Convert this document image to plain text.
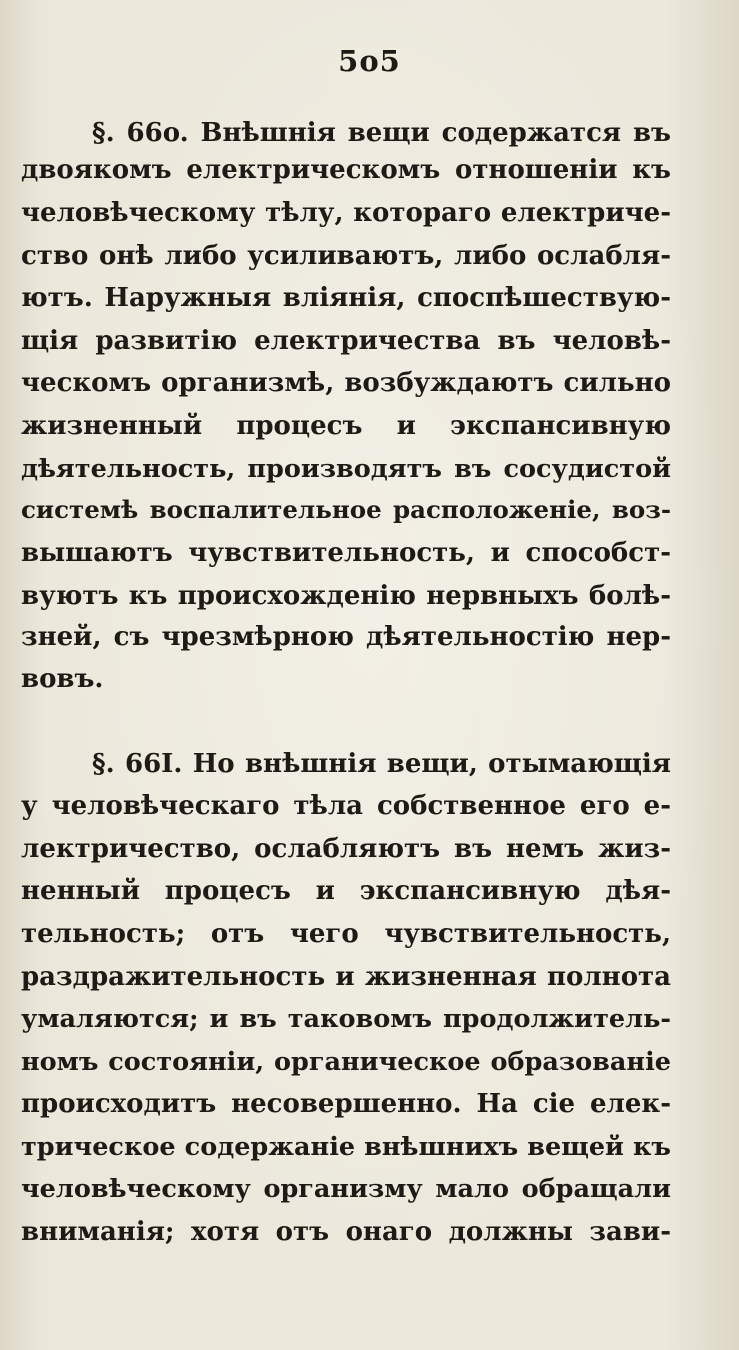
5o5
§. 66o. Внѣшнія вещи содержатся въ
двоякомъ електрическомъ отношеніи къ
человѣческому тѣлу, котораго електриче-
ство онѣ либо усиливаютъ, либо ослабля-
ютъ. Наружныя влiянія, споспѣшествую-
щія развитію електричества въ человѣ-
ческомъ организмѣ, возбуждаютъ сильно
жизненный процесъ и экспансивную
дѣятельность, производятъ въ сосудистой
системѣ воспалительное расположеніе, воз-
вышаютъ чувствительность, и способст-
вуютъ къ происхожденію нервныхъ болѣ-
зней, съ чрезмѣрною дѣятельностію нер-
вовъ.
§. 66I. Но внѣшнія вещи, отымающія
у человѣческаго тѣла собственное его е-
лектричество, ослабляютъ въ немъ жиз-
ненный процесъ и экспансивную дѣя-
тельность; отъ чего чувствительность,
раздражительность и жизненная полнота
умаляются; и въ таковомъ продолжитель-
номъ состояніи, органическое образованіе
происходитъ несовершенно. На сіе елек-
трическое содержаніе внѣшнихъ вещей къ
человѣческому организму мало обращали
вниманія; хотя отъ онаго должны зави-
